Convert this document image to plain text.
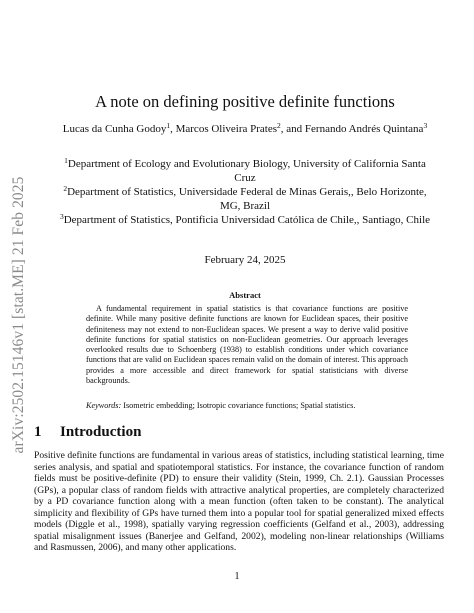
arXiv:2502.15146v1 [stat.ME] 21 Feb 2025
A note on defining positive definite functions
Lucas da Cunha Godoy$^1$, Marcos Oliveira Prates$^2$, and Fernando Andrés Quintana$^3$
$^1$Department of Ecology and Evolutionary Biology, University of California Santa Cruz
$^2$Department of Statistics, Universidade Federal de Minas Gerais,, Belo Horizonte, MG, Brazil
$^3$Department of Statistics, Pontificia Universidad Católica de Chile,, Santiago, Chile
February 24, 2025
Abstract
A fundamental requirement in spatial statistics is that covariance functions are positive definite. While many positive definite functions are known for Euclidean spaces, their positive definiteness may not extend to non-Euclidean spaces. We present a way to derive valid positive definite functions for spatial statistics on non-Euclidean geometries. Our approach leverages overlooked results due to Schoenberg (1938) to establish conditions under which covariance functions that are valid on Euclidean spaces remain valid on the domain of interest. This approach provides a more accessible and direct framework for spatial statisticians with diverse backgrounds.
Keywords: Isometric embedding; Isotropic covariance functions; Spatial statistics.
1 Introduction
Positive definite functions are fundamental in various areas of statistics, including statistical learning, time series analysis, and spatial and spatiotemporal statistics. For instance, the covariance function of random fields must be positive-definite (PD) to ensure their validity (Stein, 1999, Ch. 2.1). Gaussian Processes (GPs), a popular class of random fields with attractive analytical properties, are completely characterized by a PD covariance function along with a mean function (often taken to be constant). The analytical simplicity and flexibility of GPs have turned them into a popular tool for spatial generalized mixed effects models (Diggle et al., 1998), spatially varying regression coefficients (Gelfand et al., 2003), addressing spatial misalignment issues (Banerjee and Gelfand, 2002), modeling non-linear relationships (Williams and Rasmussen, 2006), and many other applications.
1
